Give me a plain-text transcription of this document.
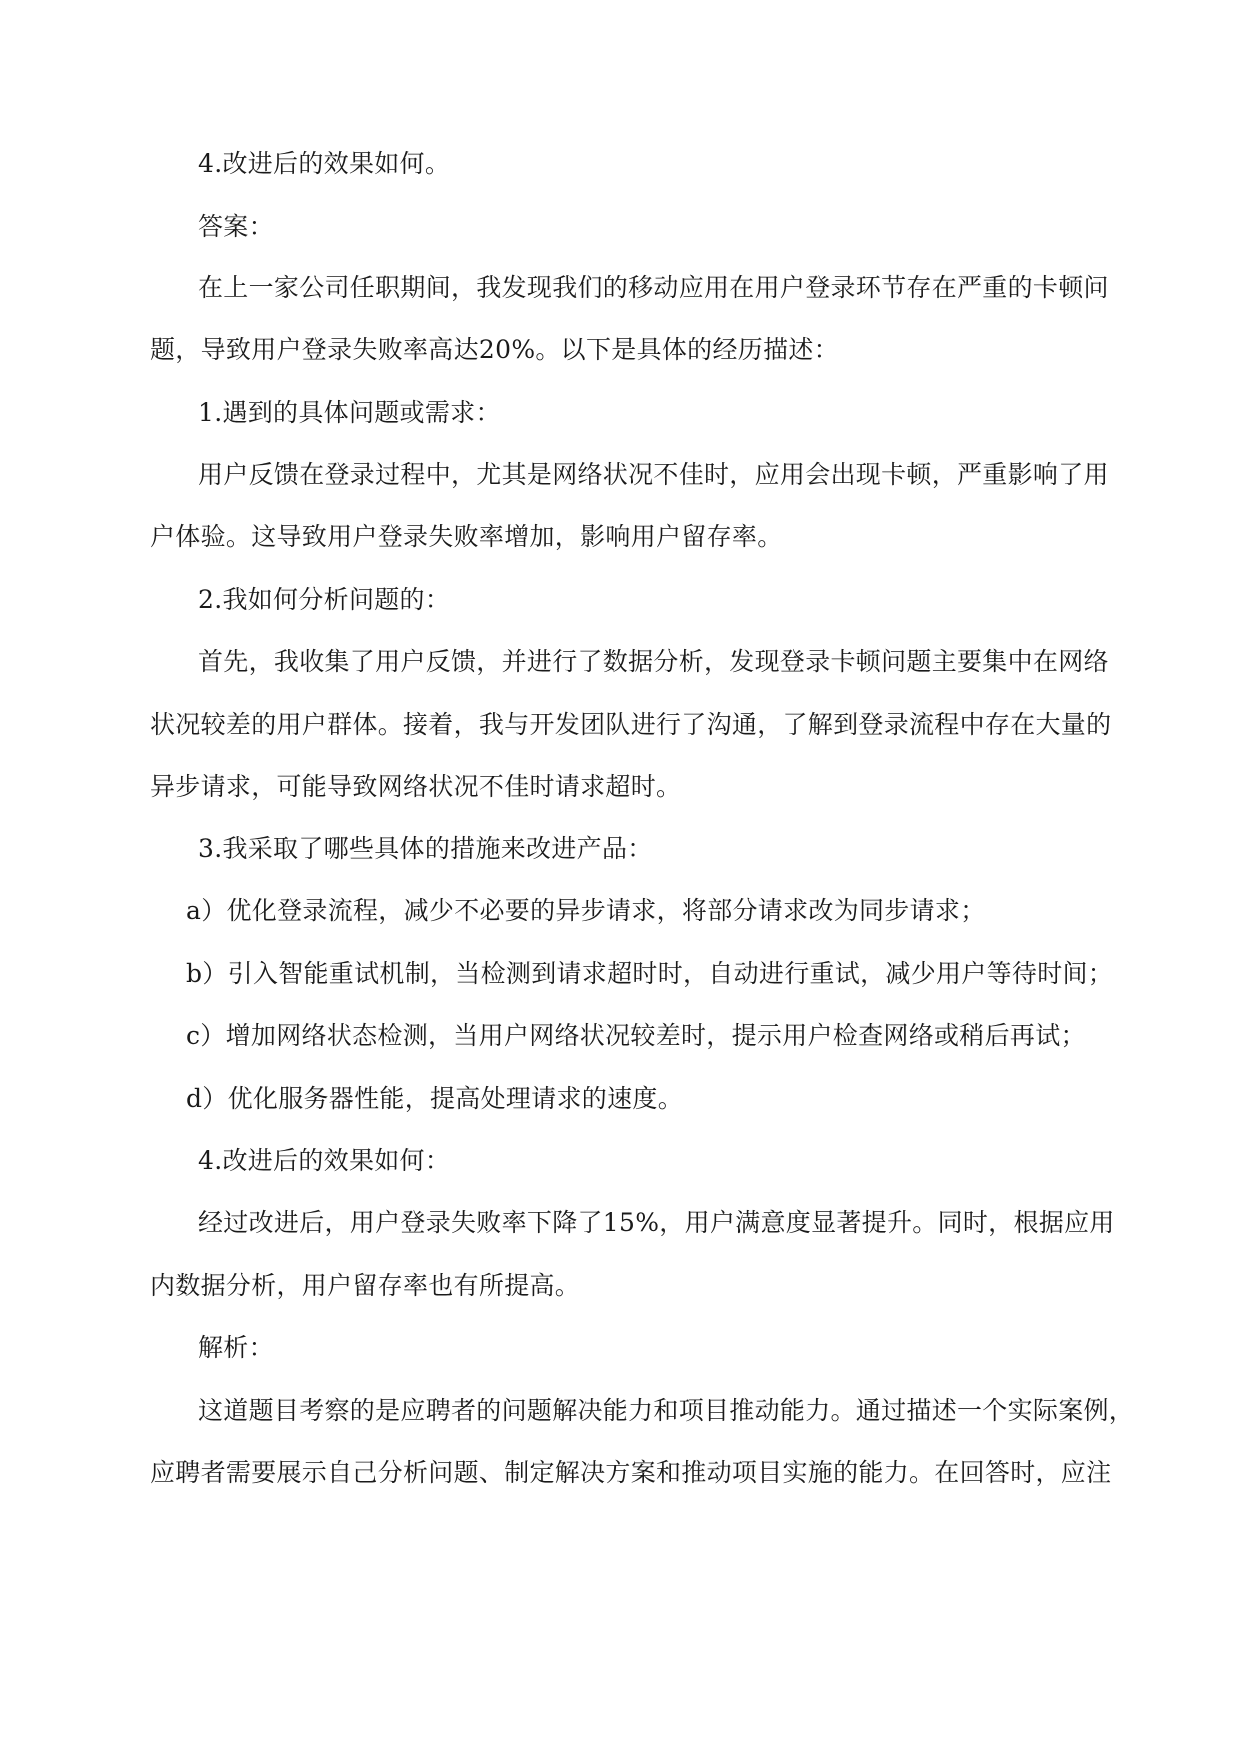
4.改进后的效果如何。
答案：
在上一家公司任职期间，我发现我们的移动应用在用户登录环节存在严重的卡顿问
题，导致用户登录失败率高达20%。以下是具体的经历描述：
1.遇到的具体问题或需求：
用户反馈在登录过程中，尤其是网络状况不佳时，应用会出现卡顿，严重影响了用
户体验。这导致用户登录失败率增加，影响用户留存率。
2.我如何分析问题的：
首先，我收集了用户反馈，并进行了数据分析，发现登录卡顿问题主要集中在网络
状况较差的用户群体。接着，我与开发团队进行了沟通，了解到登录流程中存在大量的
异步请求，可能导致网络状况不佳时请求超时。
3.我采取了哪些具体的措施来改进产品：
a）优化登录流程，减少不必要的异步请求，将部分请求改为同步请求；
b）引入智能重试机制，当检测到请求超时时，自动进行重试，减少用户等待时间；
c）增加网络状态检测，当用户网络状况较差时，提示用户检查网络或稍后再试；
d）优化服务器性能，提高处理请求的速度。
4.改进后的效果如何：
经过改进后，用户登录失败率下降了15%，用户满意度显著提升。同时，根据应用
内数据分析，用户留存率也有所提高。
解析：
这道题目考察的是应聘者的问题解决能力和项目推动能力。通过描述一个实际案例，
应聘者需要展示自己分析问题、制定解决方案和推动项目实施的能力。在回答时，应注
